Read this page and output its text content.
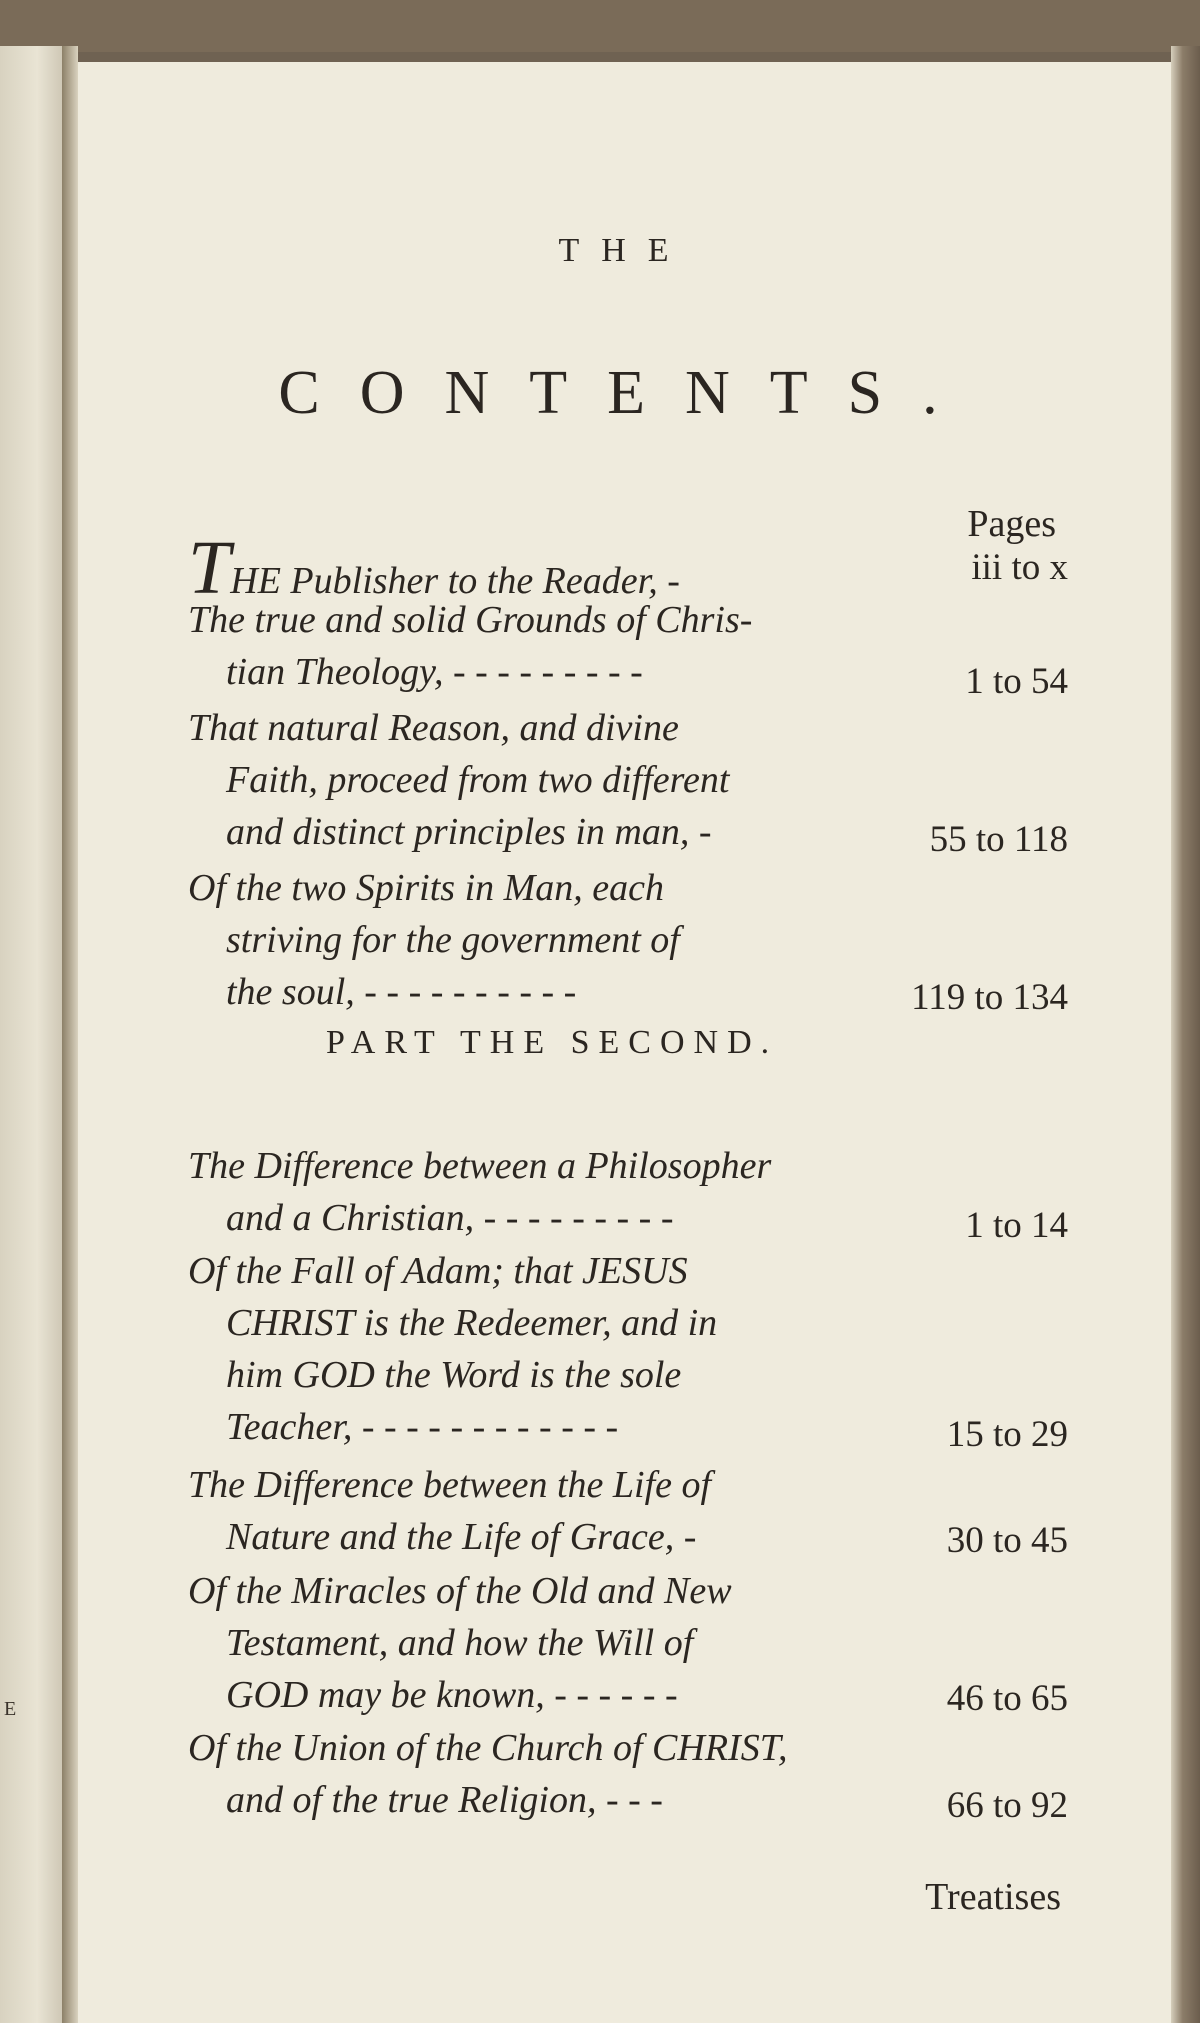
E
THE
CONTENTS.
Pages
THE Publisher to the Reader, -	iii to x
The true and solid Grounds of Chris-
tian Theology, - - - - - - - - -	1 to 54
That natural Reason, and divine
Faith, proceed from two different
and distinct principles in man, -	55 to 118
Of the two Spirits in Man, each
striving for the government of
the soul, - - - - - - - - - -	119 to 134
PART THE SECOND.
The Difference between a Philosopher
and a Christian, - - - - - - - - -	1 to 14
Of the Fall of Adam; that JESUS
CHRIST is the Redeemer, and in
him GOD the Word is the sole
Teacher, - - - - - - - - - - - -	15 to 29
The Difference between the Life of
Nature and the Life of Grace, -	30 to 45
Of the Miracles of the Old and New
Testament, and how the Will of
GOD may be known, - - - - - -	46 to 65
Of the Union of the Church of CHRIST,
and of the true Religion, - - -	66 to 92
Treatises
